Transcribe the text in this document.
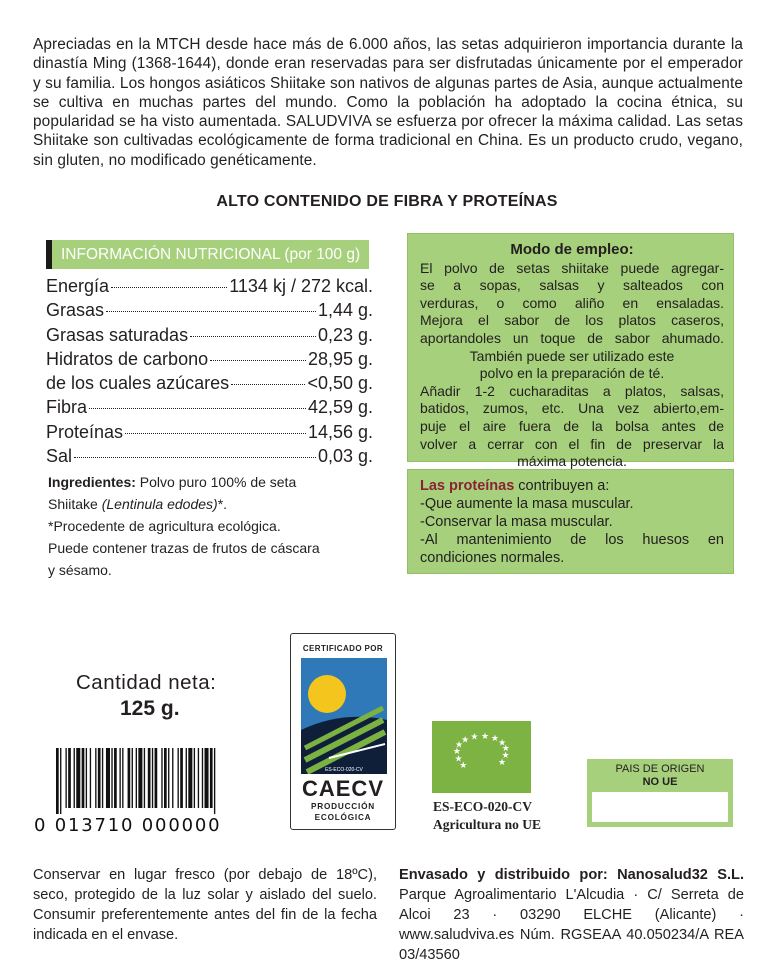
Apreciadas en la MTCH desde hace más de 6.000 años, las setas adquirieron importancia durante la dinastía Ming (1368-1644), donde eran reservadas para ser disfrutadas únicamente por el emperador y su familia. Los hongos asiáticos Shiitake son nativos de algunas partes de Asia, aunque actualmente se cultiva en muchas partes del mundo. Como la población ha adoptado la cocina étnica, su popularidad se ha visto aumentada. SALUDVIVA se esfuerza por ofrecer la máxima calidad. Las setas Shiitake son cultivadas ecológicamente de forma tradicional en China. Es un producto crudo, vegano, sin gluten, no modificado genéticamente.
ALTO CONTENIDO DE FIBRA Y PROTEÍNAS
INFORMACIÓN NUTRICIONAL (por 100 g)
Energía	1134 kj / 272 kcal.
Grasas	1,44 g.
Grasas saturadas	0,23 g.
Hidratos de carbono	28,95 g.
de los cuales azúcares	<0,50 g.
Fibra	42,59 g.
Proteínas	14,56 g.
Sal	0,03 g.
Ingredientes: Polvo puro 100% de seta
Shiitake (Lentinula edodes)*.
*Procedente de agricultura ecológica.
Puede contener trazas de frutos de cáscara
y sésamo.
Modo de empleo:
El polvo de setas shiitake puede agregar-
se a sopas, salsas y salteados con
verduras, o como aliño en ensaladas.
Mejora el sabor de los platos caseros,
aportandoles un toque de sabor ahumado.
También puede ser utilizado este
polvo en la preparación de té.
Añadir 1-2 cucharaditas a platos, salsas,
batidos, zumos, etc. Una vez abierto,em-
puje el aire fuera de la bolsa antes de
volver a cerrar con el fin de preservar la
máxima potencia.
Las proteínas contribuyen a:
-Que aumente la masa muscular.
-Conservar la masa muscular.
-Al mantenimiento de los huesos en
condiciones normales.
Cantidad neta:
125 g.
0 013710 000000
CERTIFICADO POR
ES-ECO-020-CV
CAECV
PRODUCCIÓN
ECOLÓGICA
★
★
★
★
★ ★ ★ ★ ★
★
★
★
ES-ECO-020-CV
Agricultura no UE
PAIS DE ORIGEN
NO UE
Conservar en lugar fresco (por debajo de 18ºC), seco, protegido de la luz solar y aislado del suelo. Consumir preferentemente antes del fin de la fecha indicada en el envase.
Envasado y distribuido por: Nanosalud32 S.L. Parque Agroalimentario L'Alcudia · C/ Serreta de Alcoi 23 · 03290 ELCHE (Alicante) · www.saludviva.es Núm. RGSEAA 40.050234/A REA 03/43560
